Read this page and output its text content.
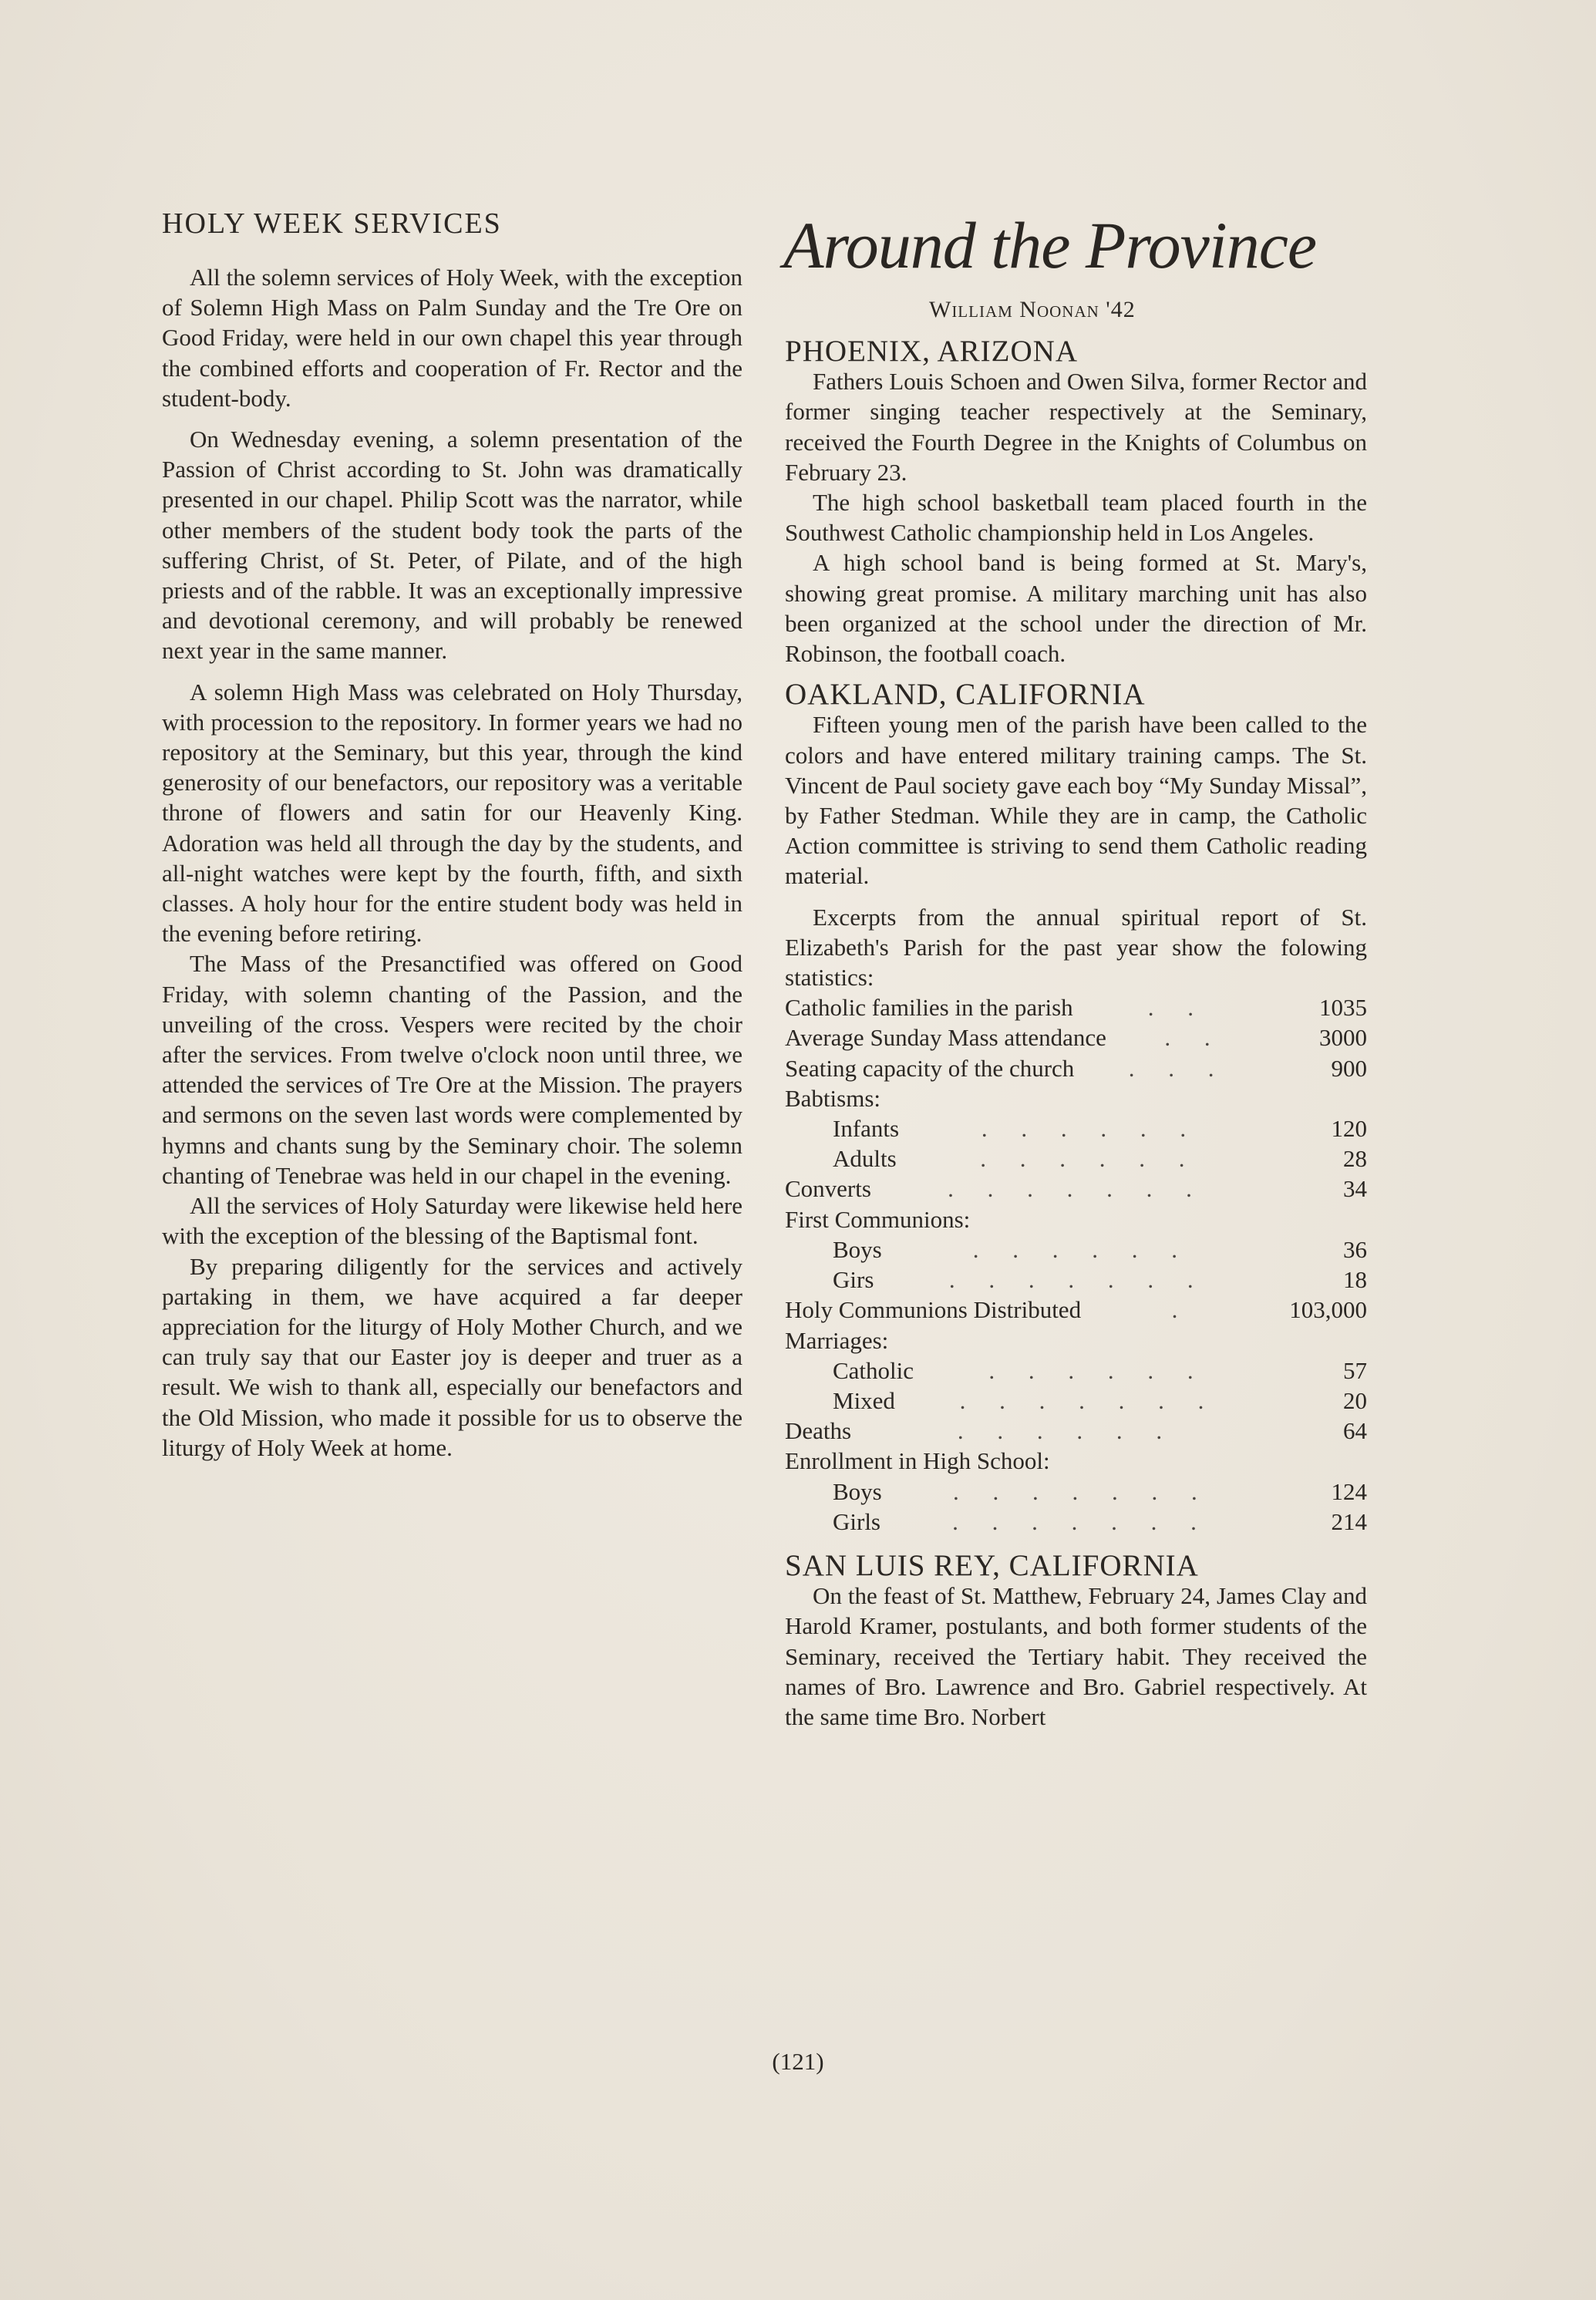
HOLY WEEK SERVICES

All the solemn services of Holy Week, with the exception of Solemn High Mass on Palm Sunday and the Tre Ore on Good Friday, were held in our own chapel this year through the combined efforts and cooperation of Fr. Rector and the student-body.

On Wednesday evening, a solemn presentation of the Passion of Christ according to St. John was dramatically presented in our chapel. Philip Scott was the narrator, while other members of the student body took the parts of the suffering Christ, of St. Peter, of Pilate, and of the high priests and of the rabble. It was an exceptionally impressive and devotional ceremony, and will probably be renewed next year in the same manner.

A solemn High Mass was celebrated on Holy Thursday, with procession to the repository. In former years we had no repository at the Seminary, but this year, through the kind generosity of our benefactors, our repository was a veritable throne of flowers and satin for our Heavenly King. Adoration was held all through the day by the students, and all-night watches were kept by the fourth, fifth, and sixth classes. A holy hour for the entire student body was held in the evening before retiring.

The Mass of the Presanctified was offered on Good Friday, with solemn chanting of the Passion, and the unveiling of the cross. Vespers were recited by the choir after the services. From twelve o'clock noon until three, we attended the services of Tre Ore at the Mission. The prayers and sermons on the seven last words were complemented by hymns and chants sung by the Seminary choir. The solemn chanting of Tenebrae was held in our chapel in the evening.

All the services of Holy Saturday were likewise held here with the exception of the blessing of the Baptismal font.

By preparing diligently for the services and actively partaking in them, we have acquired a far deeper appreciation for the liturgy of Holy Mother Church, and we can truly say that our Easter joy is deeper and truer as a result. We wish to thank all, especially our benefactors and the Old Mission, who made it possible for us to observe the liturgy of Holy Week at home.

Around the Province
William Noonan '42
PHOENIX, ARIZONA

Fathers Louis Schoen and Owen Silva, former Rector and former singing teacher respectively at the Seminary, received the Fourth Degree in the Knights of Columbus on February 23.

The high school basketball team placed fourth in the Southwest Catholic championship held in Los Angeles.

A high school band is being formed at St. Mary's, showing great promise. A military marching unit has also been organized at the school under the direction of Mr. Robinson, the football coach.

OAKLAND, CALIFORNIA

Fifteen young men of the parish have been called to the colors and have entered military training camps. The St. Vincent de Paul society gave each boy “My Sunday Missal”, by Father Stedman. While they are in camp, the Catholic Action committee is striving to send them Catholic reading material.

Excerpts from the annual spiritual report of St. Elizabeth's Parish for the past year show the folowing statistics:

Catholic families in the parish	. .	1035
Average Sunday Mass attendance	. .	3000
Seating capacity of the church	. . .	900
Babtisms:
Infants	. . . . . .	120
Adults	. . . . . .	28
Converts	. . . . . . .	34
First Communions:
Boys	. . . . . .	36
Girs	. . . . . . .	18
Holy Communions Distributed	.	103,000
Marriages:
Catholic	. . . . . .	57
Mixed	. . . . . . .	20
Deaths	. . . . . .	64
Enrollment in High School:
Boys	. . . . . . .	124
Girls	. . . . . . .	214
SAN LUIS REY, CALIFORNIA

On the feast of St. Matthew, February 24, James Clay and Harold Kramer, postulants, and both former students of the Seminary, received the Tertiary habit. They received the names of Bro. Lawrence and Bro. Gabriel respectively. At the same time Bro. Norbert

(121)
